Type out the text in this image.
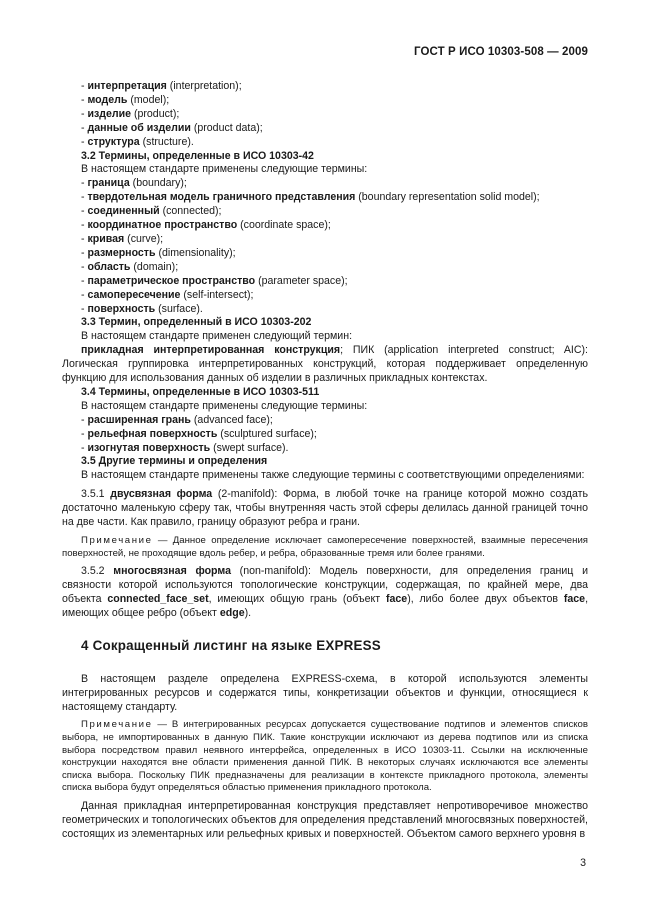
ГОСТ Р ИСО 10303-508 — 2009

- интерпретация (interpretation);

- модель (model);

- изделие (product);

- данные об изделии (product data);

- структура (structure).

3.2 Термины, определенные в ИСО 10303-42

В настоящем стандарте применены следующие термины:

- граница (boundary);

- твердотельная модель граничного представления (boundary representation solid model);

- соединенный (connected);

- координатное пространство (coordinate space);

- кривая (curve);

- размерность (dimensionality);

- область (domain);

- параметрическое пространство (parameter space);

- самопересечение (self-intersect);

- поверхность (surface).

3.3 Термин, определенный в ИСО 10303-202

В настоящем стандарте применен следующий термин:

прикладная интерпретированная конструкция; ПИК (application interpreted construct; AIC): Логическая группировка интерпретированных конструкций, которая поддерживает определенную функцию для использования данных об изделии в различных прикладных контекстах.

3.4 Термины, определенные в ИСО 10303-511

В настоящем стандарте применены следующие термины:

- расширенная грань (advanced face);

- рельефная поверхность (sculptured surface);

- изогнутая поверхность (swept surface).

3.5 Другие термины и определения

В настоящем стандарте применены также следующие термины с соответствующими определениями:

3.5.1 двусвязная форма (2-manifold): Форма, в любой точке на границе которой можно создать достаточно маленькую сферу так, чтобы внутренняя часть этой сферы делилась данной границей точно на две части. Как правило, границу образуют ребра и грани.

Примечание — Данное определение исключает самопересечение поверхностей, взаимные пересечения поверхностей, не проходящие вдоль ребер, и ребра, образованные тремя или более гранями.

3.5.2 многосвязная форма (non-manifold): Модель поверхности, для определения границ и связности которой используются топологические конструкции, содержащая, по крайней мере, два объекта connected_face_set, имеющих общую грань (объект face), либо более двух объектов face, имеющих общее ребро (объект edge).

4 Сокращенный листинг на языке EXPRESS

В настоящем разделе определена EXPRESS-схема, в которой используются элементы интегрированных ресурсов и содержатся типы, конкретизации объектов и функции, относящиеся к настоящему стандарту.

Примечание — В интегрированных ресурсах допускается существование подтипов и элементов списков выбора, не импортированных в данную ПИК. Такие конструкции исключают из дерева подтипов или из списка выбора посредством правил неявного интерфейса, определенных в ИСО 10303-11. Ссылки на исключенные конструкции находятся вне области применения данной ПИК. В некоторых случаях исключаются все элементы списка выбора. Поскольку ПИК предназначены для реализации в контексте прикладного протокола, элементы списка выбора будут определяться областью применения прикладного протокола.

Данная прикладная интерпретированная конструкция представляет непротиворечивое множество геометрических и топологических объектов для определения представлений многосвязных поверхностей, состоящих из элементарных или рельефных кривых и поверхностей. Объектом самого верхнего уровня в

3
